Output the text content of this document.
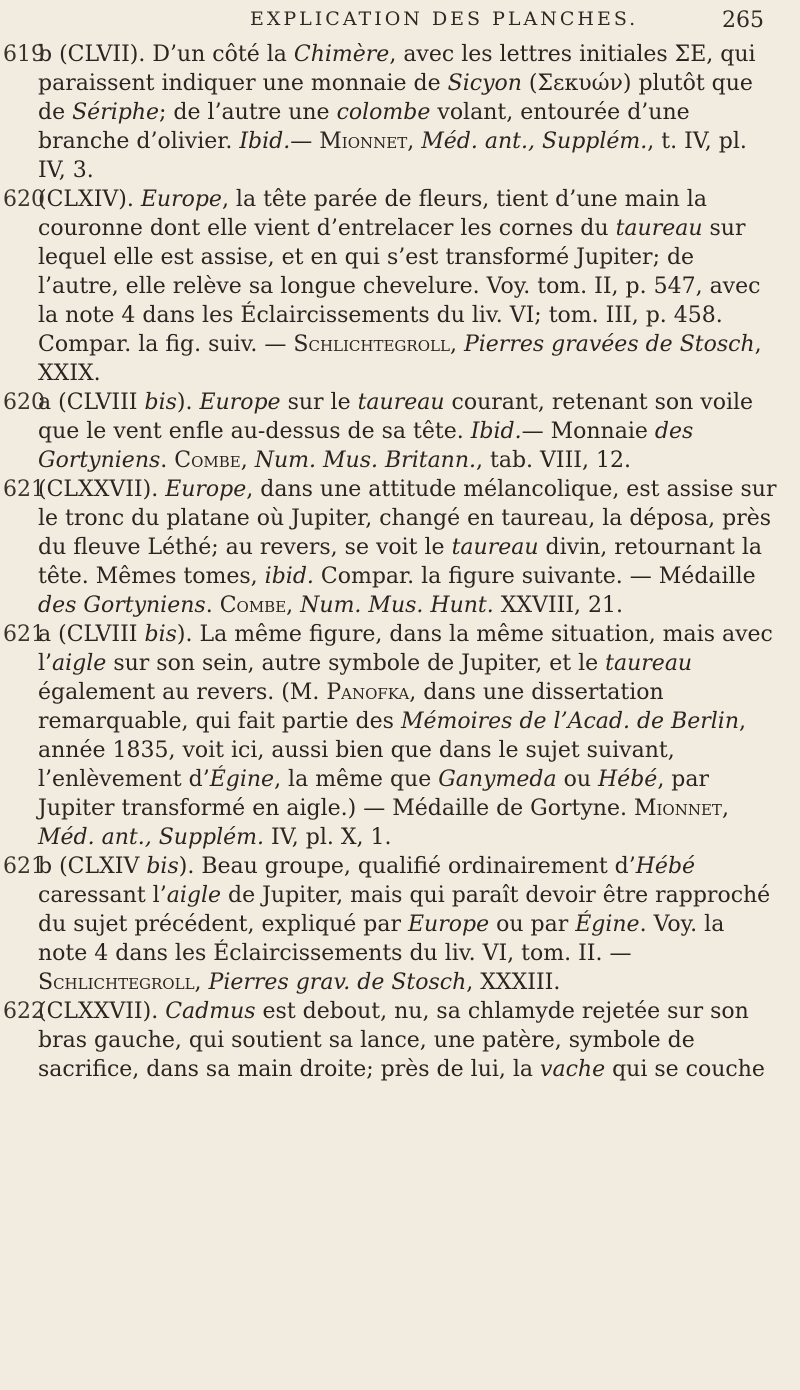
EXPLICATION DES PLANCHES.	265
619
b (CLVII). D’un côté la Chimère, avec les lettres initiales ΣΕ, qui paraissent indiquer une monnaie de Sicyon (Σεκυών) plutôt que de Sériphe; de l’autre une colombe volant, entourée d’une branche d’olivier. Ibid.— Mionnet, Méd. ant., Supplém., t. IV, pl. IV, 3.
620
(CLXIV). Europe, la tête parée de fleurs, tient d’une main la couronne dont elle vient d’entrelacer les cornes du taureau sur lequel elle est assise, et en qui s’est transformé Jupiter; de l’autre, elle relève sa longue chevelure. Voy. tom. II, p. 547, avec la note 4 dans les Éclaircissements du liv. VI; tom. III, p. 458. Compar. la fig. suiv. — Schlichtegroll, Pierres gravées de Stosch, XXIX.
620
a (CLVIII bis). Europe sur le taureau courant, retenant son voile que le vent enfle au-dessus de sa tête. Ibid.— Monnaie des Gortyniens. Combe, Num. Mus. Britann., tab. VIII, 12.
621
(CLXXVII). Europe, dans une attitude mélancolique, est assise sur le tronc du platane où Jupiter, changé en taureau, la déposa, près du fleuve Léthé; au revers, se voit le taureau divin, retournant la tête. Mêmes tomes, ibid. Compar. la figure suivante. — Médaille des Gortyniens. Combe, Num. Mus. Hunt. XXVIII, 21.
621
a (CLVIII bis). La même figure, dans la même situation, mais avec l’aigle sur son sein, autre symbole de Jupiter, et le taureau également au revers. (M. Panofka, dans une dissertation remarquable, qui fait partie des Mémoires de l’Acad. de Berlin, année 1835, voit ici, aussi bien que dans le sujet suivant, l’enlèvement d’Égine, la même que Ganymeda ou Hébé, par Jupiter transformé en aigle.) — Médaille de Gortyne. Mionnet, Méd. ant., Supplém. IV, pl. X, 1.
621
b (CLXIV bis). Beau groupe, qualifié ordinairement d’Hébé caressant l’aigle de Jupiter, mais qui paraît devoir être rapproché du sujet précédent, expliqué par Europe ou par Égine. Voy. la note 4 dans les Éclaircissements du liv. VI, tom. II. — Schlichtegroll, Pierres grav. de Stosch, XXXIII.
622
(CLXXVII). Cadmus est debout, nu, sa chlamyde rejetée sur son bras gauche, qui soutient sa lance, une patère, symbole de sacrifice, dans sa main droite; près de lui, la vache qui se couche
